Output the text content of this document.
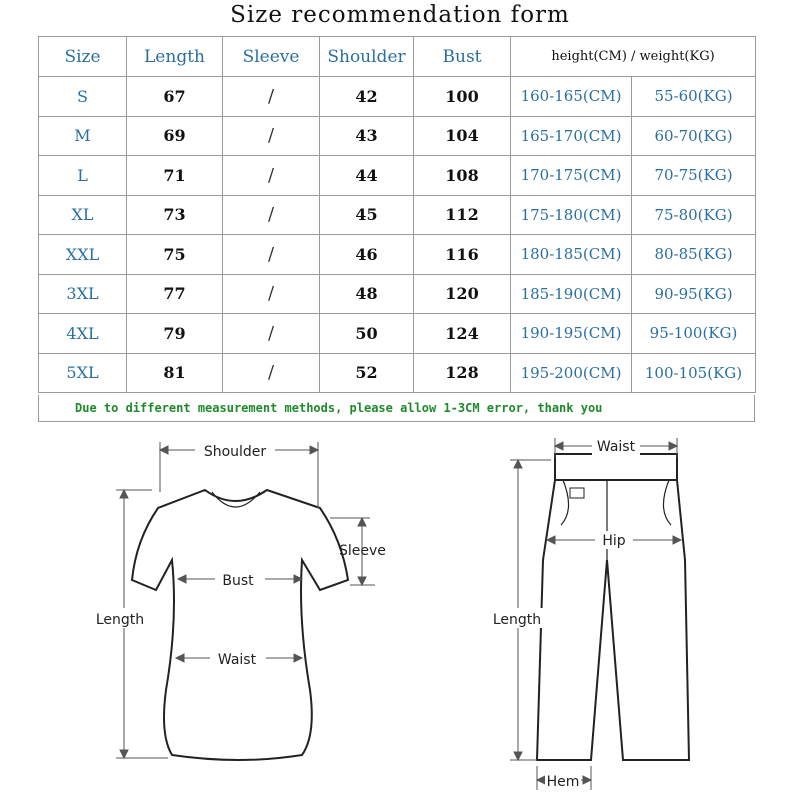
Size recommendation form
Size	Length	Sleeve	Shoulder	Bust	height(CM) / weight(KG)	
S	67	/	42	100	160-165(CM)	55-60(KG)
M	69	/	43	104	165-170(CM)	60-70(KG)
L	71	/	44	108	170-175(CM)	70-75(KG)
XL	73	/	45	112	175-180(CM)	75-80(KG)
XXL	75	/	46	116	180-185(CM)	80-85(KG)
3XL	77	/	48	120	185-190(CM)	90-95(KG)
4XL	79	/	50	124	190-195(CM)	95-100(KG)
5XL	81	/	52	128	195-200(CM)	100-105(KG)
Due to different measurement methods, please allow 1-3CM error, thank you
Shoulder
Sleeve
Bust
Length
Waist
Waist
Hip
Length
Hem
